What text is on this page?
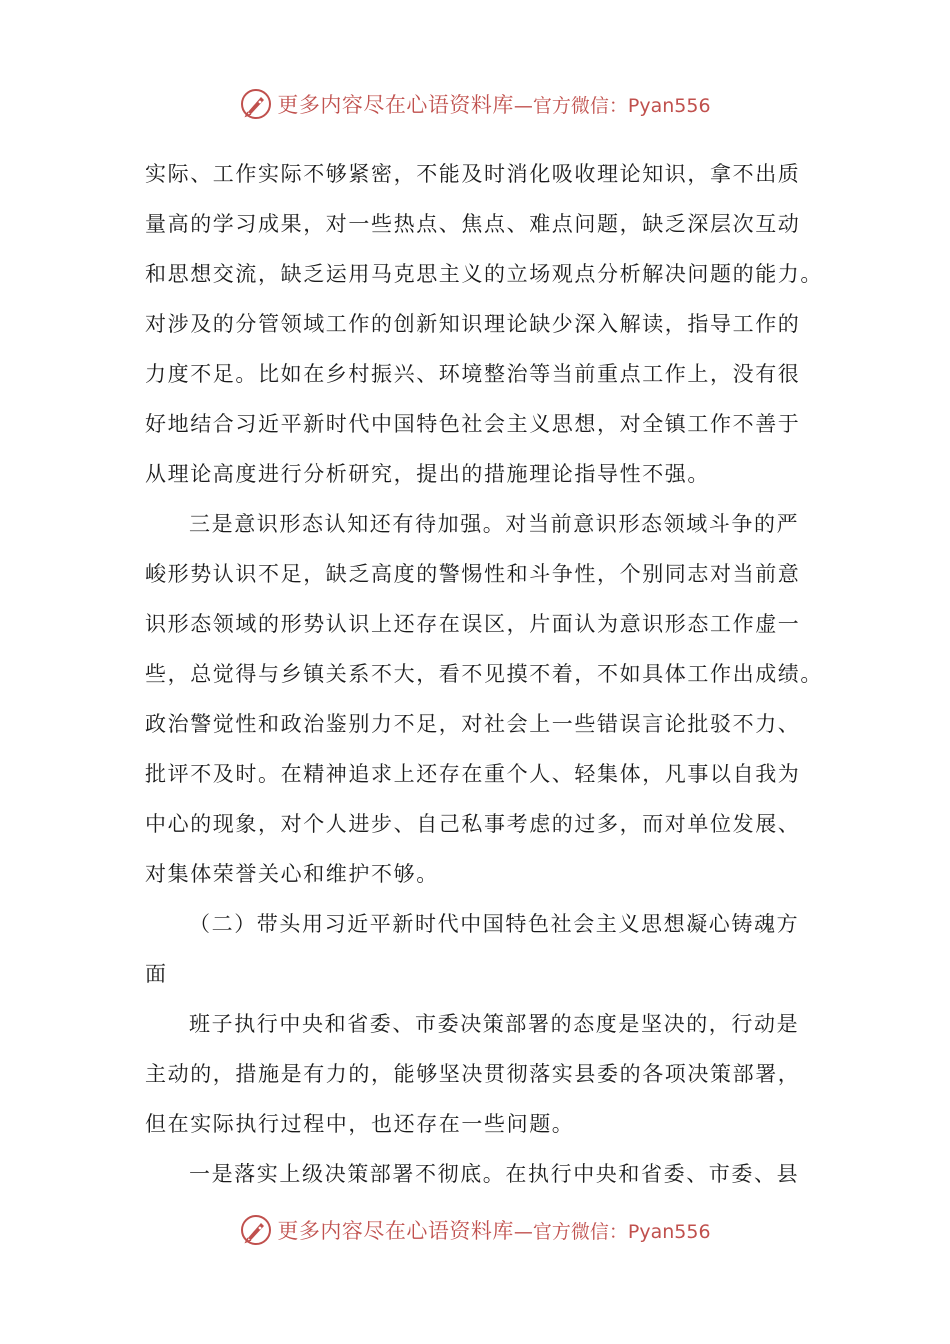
更多内容尽在心语资料库 —官方微信：Pyan556
实际、工作实际不够紧密，不能及时消化吸收理论知识，拿不出质
量高的学习成果，对一些热点、焦点、难点问题，缺乏深层次互动
和思想交流，缺乏运用马克思主义的立场观点分析解决问题的能力。
对涉及的分管领域工作的创新知识理论缺少深入解读，指导工作的
力度不足。比如在乡村振兴、环境整治等当前重点工作上，没有很
好地结合习近平新时代中国特色社会主义思想，对全镇工作不善于
从理论高度进行分析研究，提出的措施理论指导性不强。
三是意识形态认知还有待加强。对当前意识形态领域斗争的严
峻形势认识不足，缺乏高度的警惕性和斗争性，个别同志对当前意
识形态领域的形势认识上还存在误区，片面认为意识形态工作虚一
些，总觉得与乡镇关系不大，看不见摸不着，不如具体工作出成绩。
政治警觉性和政治鉴别力不足，对社会上一些错误言论批驳不力、
批评不及时。在精神追求上还存在重个人、轻集体，凡事以自我为
中心的现象，对个人进步、自己私事考虑的过多，而对单位发展、
对集体荣誉关心和维护不够。
（二）带头用习近平新时代中国特色社会主义思想凝心铸魂方
面
班子执行中央和省委、市委决策部署的态度是坚决的，行动是
主动的，措施是有力的，能够坚决贯彻落实县委的各项决策部署，
但在实际执行过程中，也还存在一些问题。
一是落实上级决策部署不彻底。在执行中央和省委、市委、县
更多内容尽在心语资料库 —官方微信：Pyan556
